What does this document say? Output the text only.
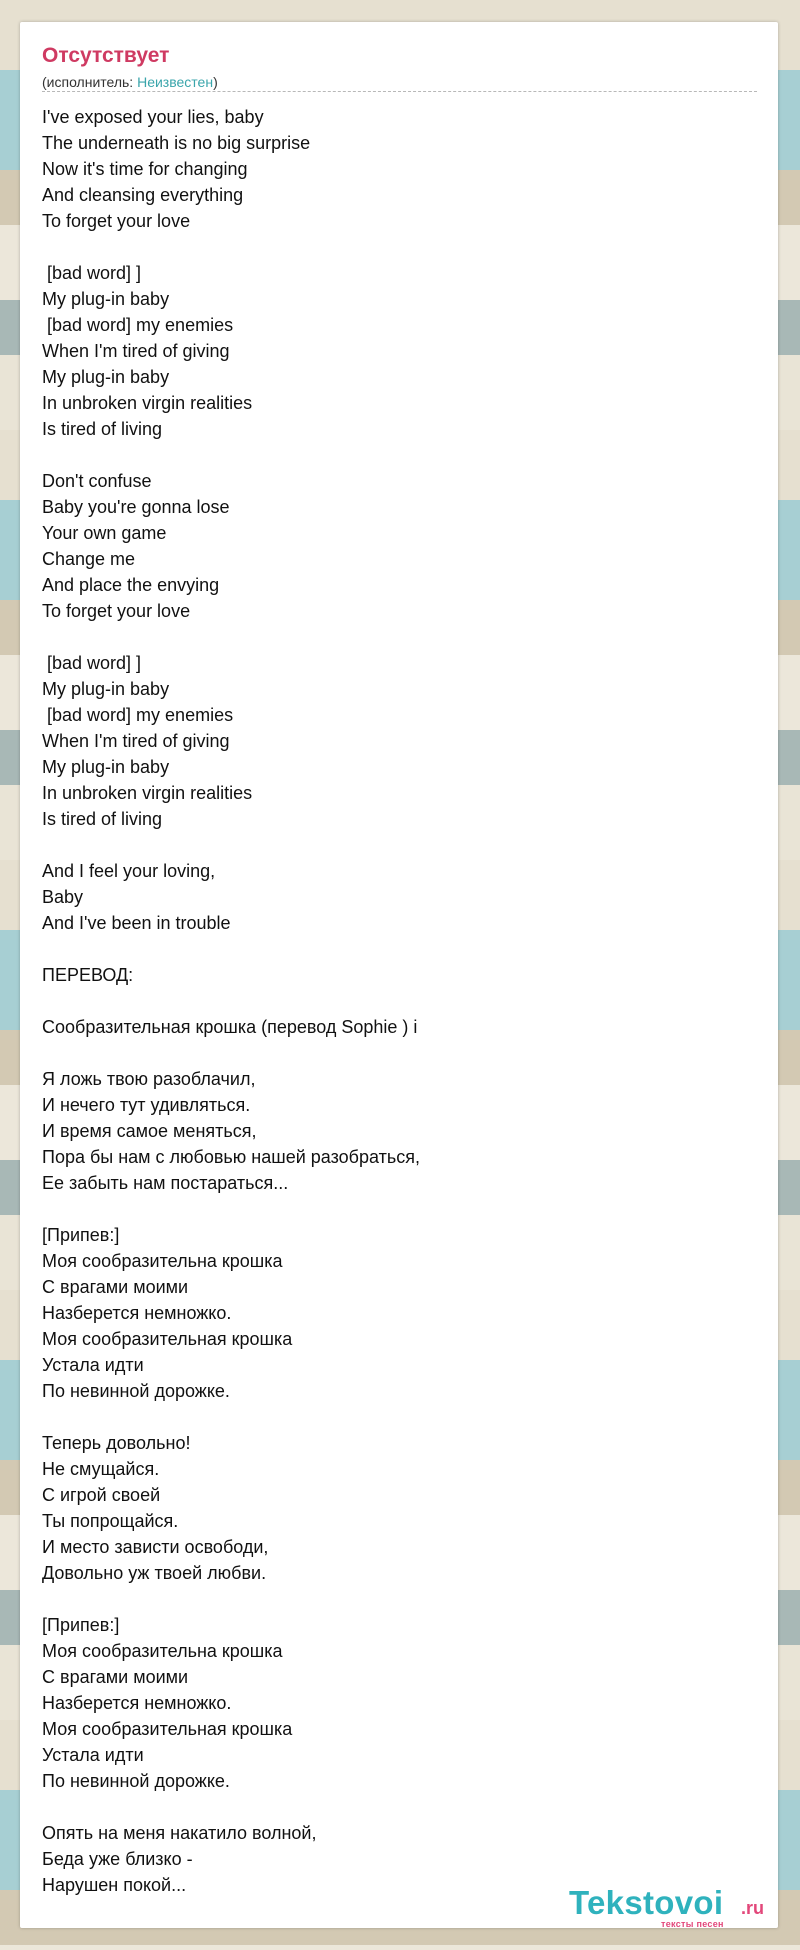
Отсутствует
(исполнитель: Неизвестен)
I've exposed your lies, baby
The underneath is no big surprise
Now it's time for changing
And cleansing everything
To forget your love

[bad word] ]
My plug-in baby
[bad word] my enemies
When I'm tired of giving
My plug-in baby
In unbroken virgin realities
Is tired of living

Don't confuse
Baby you're gonna lose
Your own game
Change me
And place the envying
To forget your love

[bad word] ]
My plug-in baby
[bad word] my enemies
When I'm tired of giving
My plug-in baby
In unbroken virgin realities
Is tired of living

And I feel your loving,
Baby
And I've been in trouble

ПЕРЕВОД:

Сообразительная крошка (перевод Sophie ) i

Я ложь твою разоблачил,
И нечего тут удивляться.
И время самое меняться,
Пора бы нам с любовью нашей разобраться,
Ее забыть нам постараться...

[Припев:]
Моя сообразительна крошка
С врагами моими
Назберется немножко.
Моя сообразительная крошка
Устала идти
По невинной дорожке.

Теперь довольно!
Не смущайся.
С игрой своей
Ты попрощайся.
И место зависти освободи,
Довольно уж твоей любви.

[Припев:]
Моя сообразительна крошка
С врагами моими
Назберется немножко.
Моя сообразительная крошка
Устала идти
По невинной дорожке.

Опять на меня накатило волной,
Беда уже близко -
Нарушен покой...	Tekstovoi .ru
тексты песен
